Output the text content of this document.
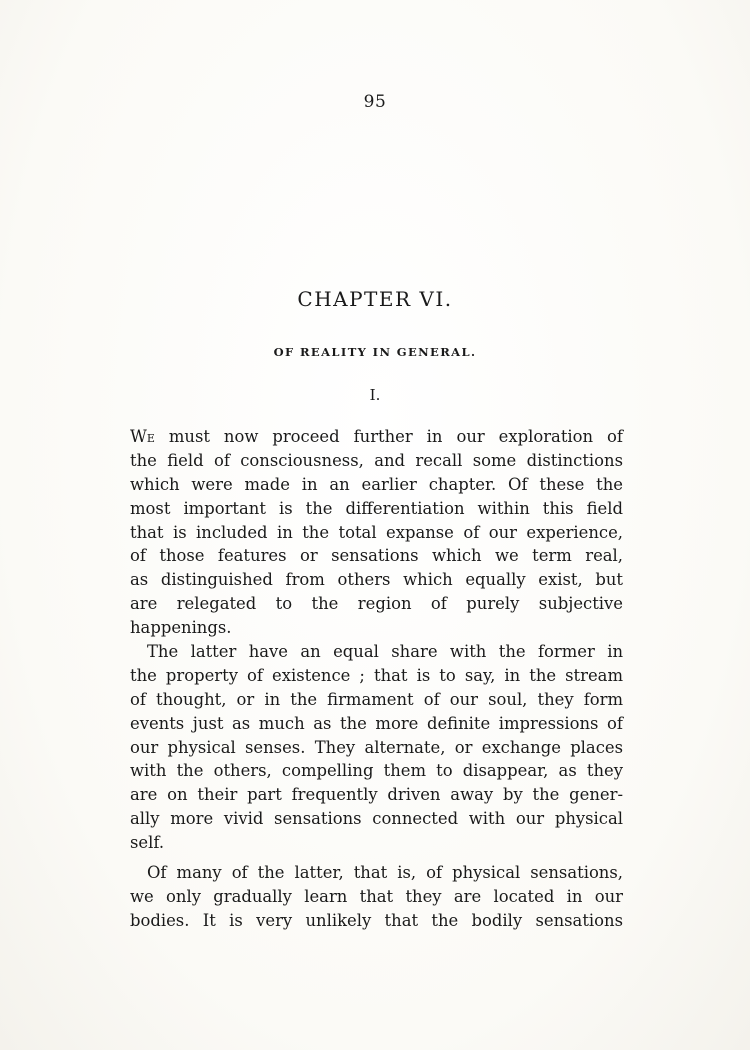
95
CHAPTER VI.
OF REALITY IN GENERAL.
I.
We must now proceed further in our exploration of
the field of consciousness, and recall some distinctions
which were made in an earlier chapter. Of these the
most important is the differentiation within this field
that is included in the total expanse of our experience,
of those features or sensations which we term real,
as distinguished from others which equally exist, but
are relegated to the region of purely subjective
happenings.
The latter have an equal share with the former in
the property of existence ; that is to say, in the stream
of thought, or in the firmament of our soul, they form
events just as much as the more definite impressions of
our physical senses. They alternate, or exchange places
with the others, compelling them to disappear, as they
are on their part frequently driven away by the gener-
ally more vivid sensations connected with our physical
self.
Of many of the latter, that is, of physical sensations,
we only gradually learn that they are located in our
bodies. It is very unlikely that the bodily sensations
